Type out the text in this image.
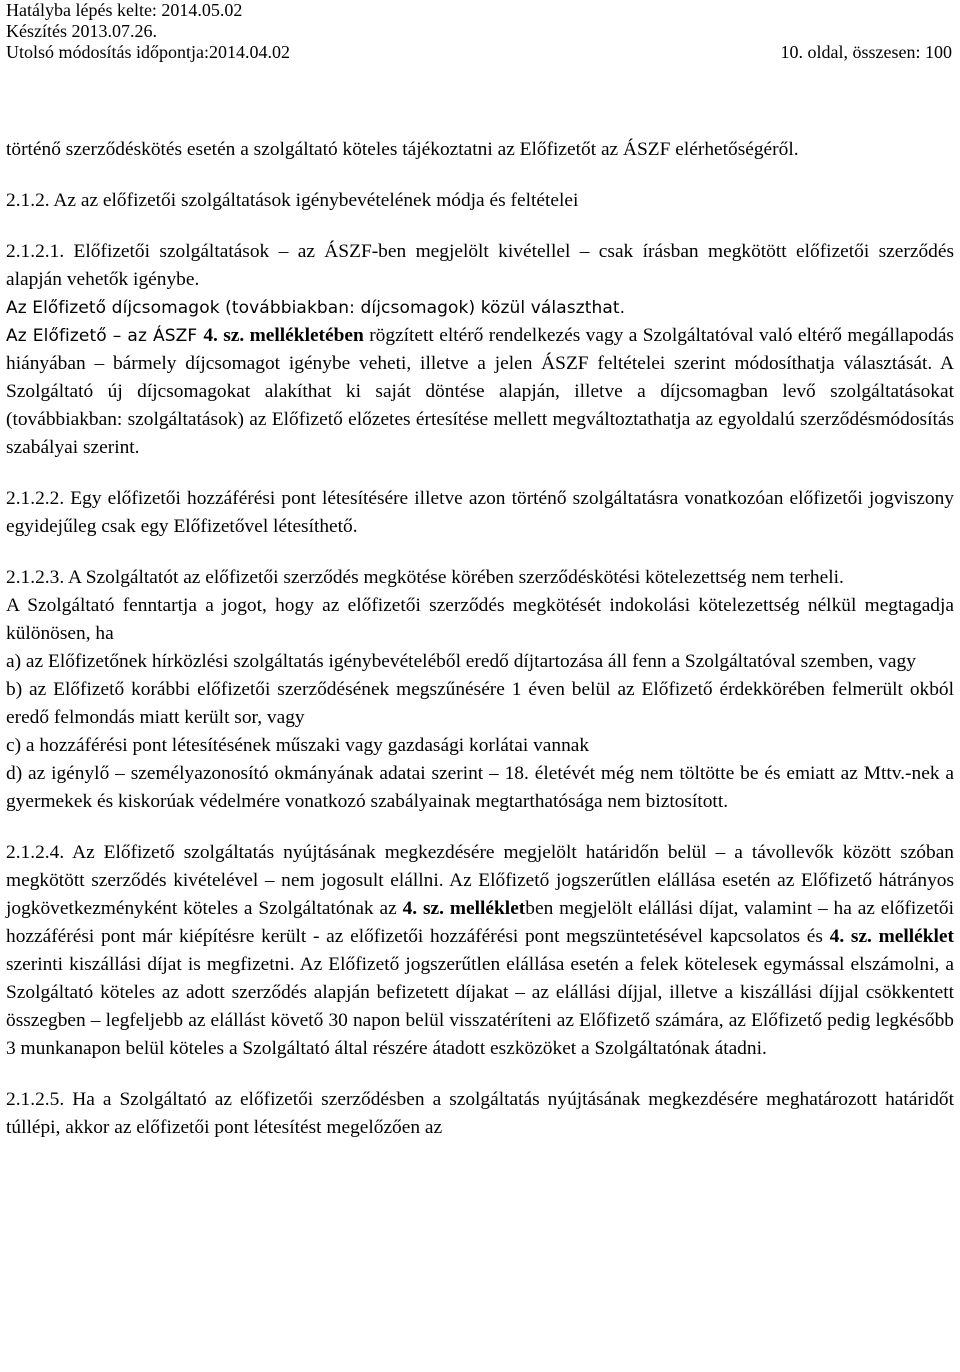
Hatályba lépés kelte: 2014.05.02
Készítés 2013.07.26.
Utolsó módosítás időpontja:2014.04.02	10. oldal, összesen: 100

történő szerződéskötés esetén a szolgáltató köteles tájékoztatni az Előfizetőt az ÁSZF elérhetőségéről.

2.1.2. Az az előfizetői szolgáltatások igénybevételének módja és feltételei

2.1.2.1. Előfizetői szolgáltatások – az ÁSZF-ben megjelölt kivétellel – csak írásban megkötött előfizetői szerződés alapján vehetők igénybe.

Az Előfizető díjcsomagok (továbbiakban: díjcsomagok) közül választhat.

Az Előfizető – az ÁSZF 4. sz. mellékletében rögzített eltérő rendelkezés vagy a Szolgáltatóval való eltérő megállapodás hiányában – bármely díjcsomagot igénybe veheti, illetve a jelen ÁSZF feltételei szerint módosíthatja választását. A Szolgáltató új díjcsomagokat alakíthat ki saját döntése alapján, illetve a díjcsomagban levő szolgáltatásokat (továbbiakban: szolgáltatások) az Előfizető előzetes értesítése mellett megváltoztathatja az egyoldalú szerződésmódosítás szabályai szerint.

2.1.2.2. Egy előfizetői hozzáférési pont létesítésére illetve azon történő szolgáltatásra vonatkozóan előfizetői jogviszony egyidejűleg csak egy Előfizetővel létesíthető.

2.1.2.3. A Szolgáltatót az előfizetői szerződés megkötése körében szerződéskötési kötelezettség nem terheli.

A Szolgáltató fenntartja a jogot, hogy az előfizetői szerződés megkötését indokolási kötelezettség nélkül megtagadja különösen, ha

a) az Előfizetőnek hírközlési szolgáltatás igénybevételéből eredő díjtartozása áll fenn a Szolgáltatóval szemben, vagy

b) az Előfizető korábbi előfizetői szerződésének megszűnésére 1 éven belül az Előfizető érdekkörében felmerült okból eredő felmondás miatt került sor, vagy

c) a hozzáférési pont létesítésének műszaki vagy gazdasági korlátai vannak

d) az igénylő – személyazonosító okmányának adatai szerint – 18. életévét még nem töltötte be és emiatt az Mttv.-nek a gyermekek és kiskorúak védelmére vonatkozó szabályainak megtarthatósága nem biztosított.

2.1.2.4. Az Előfizető szolgáltatás nyújtásának megkezdésére megjelölt határidőn belül – a távollevők között szóban megkötött szerződés kivételével – nem jogosult elállni. Az Előfizető jogszerűtlen elállása esetén az Előfizető hátrányos jogkövetkezményként köteles a Szolgáltatónak az 4. sz. mellékletben megjelölt elállási díjat, valamint – ha az előfizetői hozzáférési pont már kiépítésre került - az előfizetői hozzáférési pont megszüntetésével kapcsolatos és 4. sz. melléklet szerinti kiszállási díjat is megfizetni. Az Előfizető jogszerűtlen elállása esetén a felek kötelesek egymással elszámolni, a Szolgáltató köteles az adott szerződés alapján befizetett díjakat – az elállási díjjal, illetve a kiszállási díjjal csökkentett összegben – legfeljebb az elállást követő 30 napon belül visszatéríteni az Előfizető számára, az Előfizető pedig legkésőbb 3 munkanapon belül köteles a Szolgáltató által részére átadott eszközöket a Szolgáltatónak átadni.

2.1.2.5. Ha a Szolgáltató az előfizetői szerződésben a szolgáltatás nyújtásának megkezdésére meghatározott határidőt túllépi, akkor az előfizetői pont létesítést megelőzően az
